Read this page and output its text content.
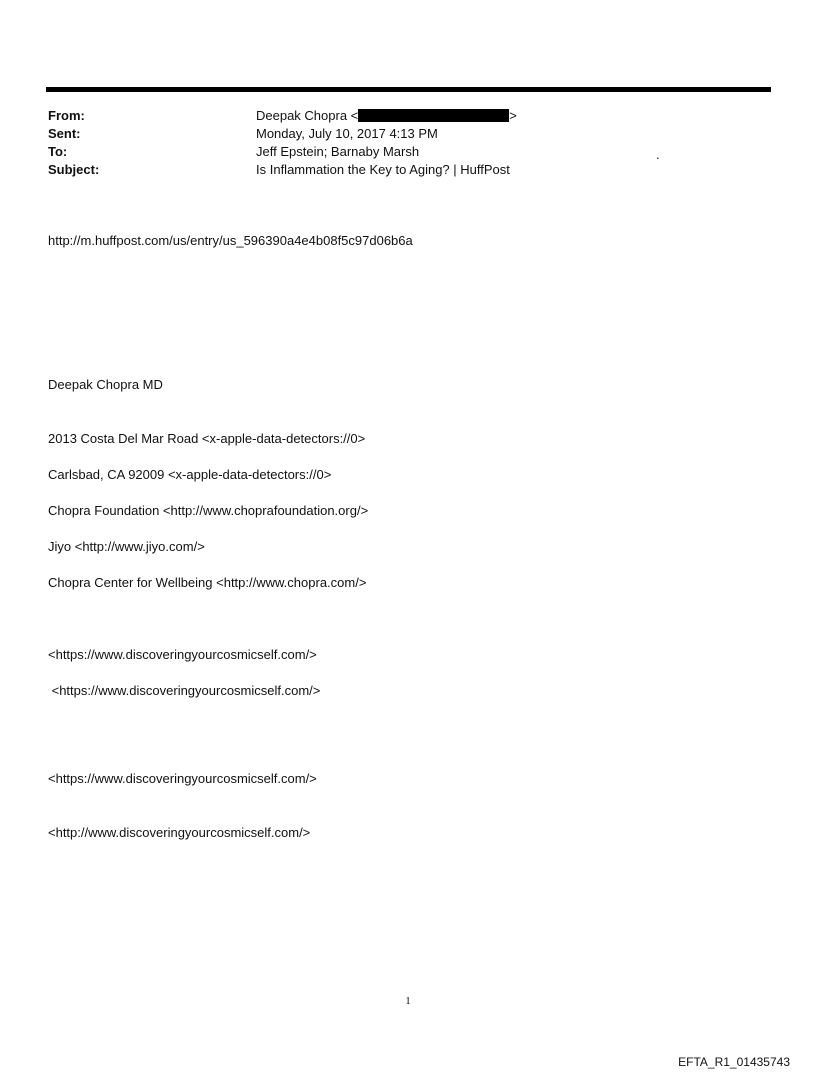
From:	Deepak Chopra <	>
Sent:	Monday, July 10, 2017 4:13 PM
To:	Jeff Epstein; Barnaby Marsh	.
Subject:	Is Inflammation the Key to Aging? | HuffPost
http://m.huffpost.com/us/entry/us_596390a4e4b08f5c97d06b6a
Deepak Chopra MD
2013 Costa Del Mar Road <x-apple-data-detectors://0>
Carlsbad, CA 92009 <x-apple-data-detectors://0>
Chopra Foundation <http://www.choprafoundation.org/>
Jiyo <http://www.jiyo.com/>
Chopra Center for Wellbeing <http://www.chopra.com/>
<https://www.discoveringyourcosmicself.com/>
<https://www.discoveringyourcosmicself.com/>
<https://www.discoveringyourcosmicself.com/>
<http://www.discoveringyourcosmicself.com/>
1
EFTA_R1_01435743
